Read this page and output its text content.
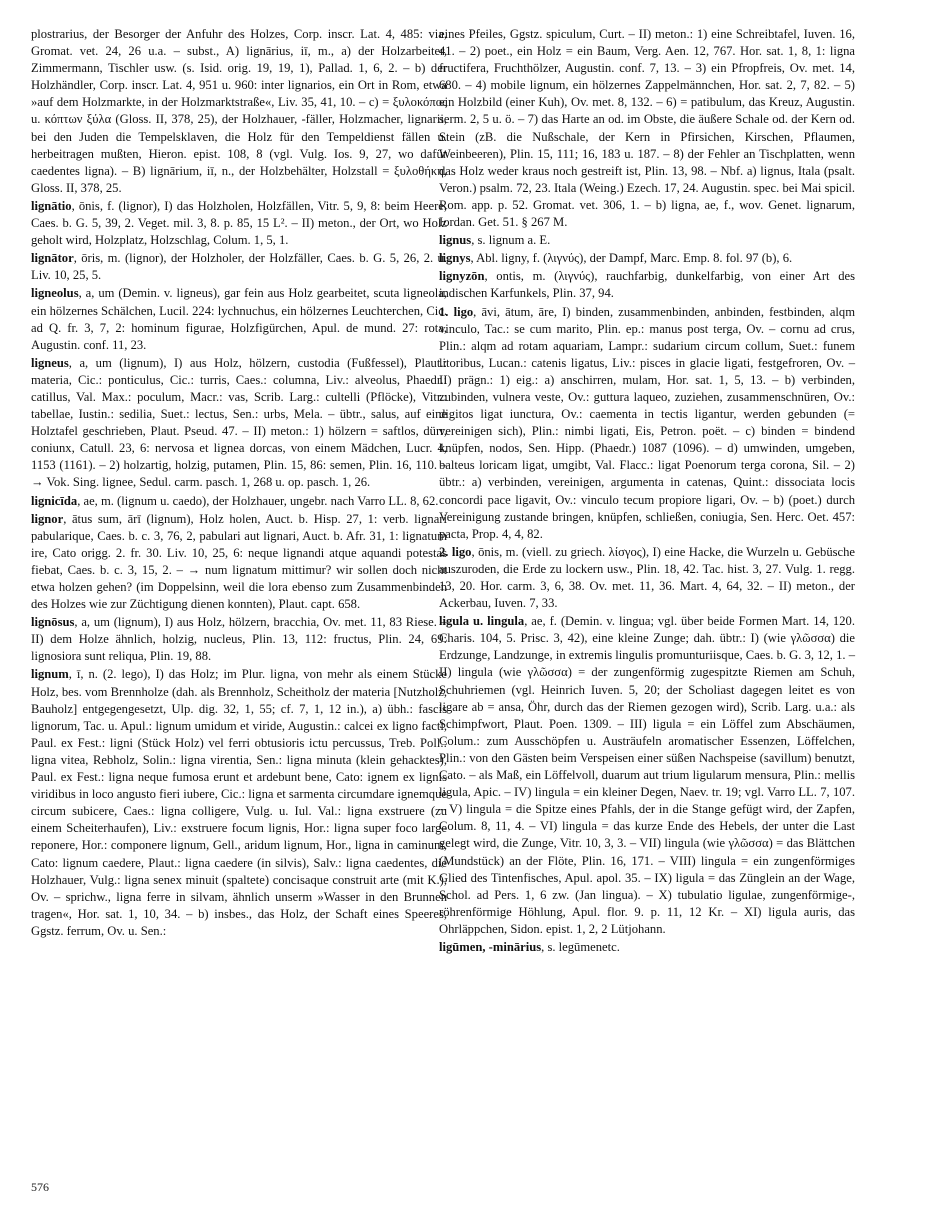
plostrarius, der Besorger der Anfuhr des Holzes, Corp. inscr. Lat. 4, 485: via, Gromat. vet. 24, 26 u.a. – subst., A) lignārius, iī, m., a) der Holzarbeiter, Zimmermann, Tischler usw. (s. Isid. orig. 19, 19, 1), Pallad. 1, 6, 2. – b) der Holzhändler, Corp. inscr. Lat. 4, 951 u. 960: inter lignarios, ein Ort in Rom, etwa »auf dem Holzmarkte, in der Holzmarktstraße«, Liv. 35, 41, 10. – c) = ξυλοκόπος u. κόπτων ξύλα (Gloss. II, 378, 25), der Holzhauer, -fäller, Holzmacher, lignarii, bei den Juden die Tempelsklaven, die Holz für den Tempeldienst fällen u. herbeitragen mußten, Hieron. epist. 108, 8 (vgl. Vulg. Ios. 9, 27, wo dafür caedentes ligna). – B) lignārium, iī, n., der Holzbehälter, Holzstall = ξυλοθήκη, Gloss. II, 378, 25.

lignātio, ōnis, f. (lignor), I) das Holzholen, Holzfällen, Vitr. 5, 9, 8: beim Heere, Caes. b. G. 5, 39, 2. Veget. mil. 3, 8. p. 85, 15 L². – II) meton., der Ort, wo Holz geholt wird, Holzplatz, Holzschlag, Colum. 1, 5, 1.

lignātor, ōris, m. (lignor), der Holzholer, der Holzfäller, Caes. b. G. 5, 26, 2. u. Liv. 10, 25, 5.

ligneolus, a, um (Demin. v. ligneus), gar fein aus Holz gearbeitet, scuta ligneola, ein hölzernes Schälchen, Lucil. 224: lychnuchus, ein hölzernes Leuchterchen, Cic. ad Q. fr. 3, 7, 2: hominum figurae, Holzfigürchen, Apul. de mund. 27: rota, Augustin. conf. 11, 23.

ligneus, a, um (lignum), I) aus Holz, hölzern, custodia (Fußfessel), Plaut.: materia, Cic.: ponticulus, Cic.: turris, Caes.: columna, Liv.: alveolus, Phaedr.: catillus, Val. Max.: poculum, Macr.: vas, Scrib. Larg.: cultelli (Pflöcke), Vitr.: tabellae, Iustin.: sedilia, Suet.: lectus, Sen.: urbs, Mela. – übtr., salus, auf eine Holztafel geschrieben, Plaut. Pseud. 47. – II) meton.: 1) hölzern = saftlos, dürr, coniunx, Catull. 23, 6: nervosa et lignea dorcas, von einem Mädchen, Lucr. 4, 1153 (1161). – 2) holzartig, holzig, putamen, Plin. 15, 86: semen, Plin. 16, 110. – → Vok. Sing. lignee, Sedul. carm. pasch. 1, 268 u. op. pasch. 1, 26.

lignicīda, ae, m. (lignum u. caedo), der Holzhauer, ungebr. nach Varro LL. 8, 62.

lignor, ātus sum, ārī (lignum), Holz holen, Auct. b. Hisp. 27, 1: verb. lignari pabularique, Caes. b. c. 3, 76, 2, pabulari aut lignari, Auct. b. Afr. 31, 1: lignatum ire, Cato origg. 2. fr. 30. Liv. 10, 25, 6: neque lignandi atque aquandi potestas fiebat, Caes. b. c. 3, 15, 2. – → num lignatum mittimur? wir sollen doch nicht etwa holzen gehen? (im Doppelsinn, weil die lora ebenso zum Zusammenbinden des Holzes wie zur Züchtigung dienen konnten), Plaut. capt. 658.

lignōsus, a, um (lignum), I) aus Holz, hölzern, bracchia, Ov. met. 11, 83 Riese. – II) dem Holze ähnlich, holzig, nucleus, Plin. 13, 112: fructus, Plin. 24, 69: lignosiora sunt reliqua, Plin. 19, 88.

lignum, ī, n. (2. lego), I) das Holz; im Plur. ligna, von mehr als einem Stücke Holz, bes. vom Brennholze (dah. als Brennholz, Scheitholz der materia [Nutzholz, Bauholz] entgegengesetzt, Ulp. dig. 32, 1, 55; cf. 7, 1, 12 in.), a) übh.: fascis lignorum, Tac. u. Apul.: lignum umidum et viride, Augustin.: calcei ex ligno facti, Paul. ex Fest.: ligni (Stück Holz) vel ferri obtusioris ictu percussus, Treb. Poll.: ligna vitea, Rebholz, Solin.: ligna virentia, Sen.: ligna minuta (klein gehacktes), Paul. ex Fest.: ligna neque fumosa erunt et ardebunt bene, Cato: ignem ex lignis viridibus in loco angusto fieri iubere, Cic.: ligna et sarmenta circumdare ignemque circum subicere, Caes.: ligna colligere, Vulg. u. Iul. Val.: ligna exstruere (zu einem Scheiterhaufen), Liv.: exstruere focum lignis, Hor.: ligna super foco large reponere, Hor.: componere lignum, Gell., aridum lignum, Hor., ligna in caminum, Cato: lignum caedere, Plaut.: ligna caedere (in silvis), Salv.: ligna caedentes, die Holzhauer, Vulg.: ligna senex minuit (spaltete) concisaque construit arte (mit K.), Ov. – sprichw., ligna ferre in silvam, ähnlich unserm »Wasser in den Brunnen tragen«, Hor. sat. 1, 10, 34. – b) insbes., das Holz, der Schaft eines Speeres, Ggstz. ferrum, Ov. u. Sen.:

eines Pfeiles, Ggstz. spiculum, Curt. – II) meton.: 1) eine Schreibtafel, Iuven. 16, 41. – 2) poet., ein Holz = ein Baum, Verg. Aen. 12, 767. Hor. sat. 1, 8, 1: ligna fructifera, Fruchthölzer, Augustin. conf. 7, 13. – 3) ein Pfropfreis, Ov. met. 14, 680. – 4) mobile lignum, ein hölzernes Zappelmännchen, Hor. sat. 2, 7, 82. – 5) ein Holzbild (einer Kuh), Ov. met. 8, 132. – 6) = patibulum, das Kreuz, Augustin. serm. 2, 5 u. ö. – 7) das Harte an od. im Obste, die äußere Schale od. der Kern od. Stein (zB. die Nußschale, der Kern in Pfirsichen, Kirschen, Pflaumen, Weinbeeren), Plin. 15, 111; 16, 183 u. 187. – 8) der Fehler an Tischplatten, wenn das Holz weder kraus noch gestreift ist, Plin. 13, 98. – Nbf. a) lignus, Itala (psalt. Veron.) psalm. 72, 23. Itala (Weing.) Ezech. 17, 24. Augustin. spec. bei Mai spicil. Rom. app. p. 52. Gromat. vet. 306, 1. – b) ligna, ae, f., wov. Genet. lignarum, Iordan. Get. 51. § 267 M.

lignus, s. lignum a. E.

lignys, Abl. ligny, f. (λιγνύς), der Dampf, Marc. Emp. 8. fol. 97 (b), 6.

lignyzōn, ontis, m. (λιγνύς), rauchfarbig, dunkelfarbig, von einer Art des indischen Karfunkels, Plin. 37, 94.

1. ligo, āvi, ātum, āre, I) binden, zusammenbinden, anbinden, festbinden, alqm vinculo, Tac.: se cum marito, Plin. ep.: manus post terga, Ov. – cornu ad crus, Plin.: alqm ad rotam aquariam, Lampr.: sudarium circum collum, Suet.: funem litoribus, Lucan.: catenis ligatus, Liv.: pisces in glacie ligati, festgefroren, Ov. – II) prägn.: 1) eig.: a) anschirren, mulam, Hor. sat. 1, 5, 13. – b) verbinden, zubinden, vulnera veste, Ov.: guttura laqueo, zuziehen, zusammenschnüren, Ov.: digitos ligat iunctura, Ov.: caementa in tectis ligantur, werden gebunden (= vereinigen sich), Plin.: nimbi ligati, Eis, Petron. poët. – c) binden = bindend knüpfen, nodos, Sen. Hipp. (Phaedr.) 1087 (1096). – d) umwinden, umgeben, balteus loricam ligat, umgibt, Val. Flacc.: ligat Poenorum terga corona, Sil. – 2) übtr.: a) verbinden, vereinigen, argumenta in catenas, Quint.: dissociata locis concordi pace ligavit, Ov.: vinculo tecum propiore ligari, Ov. – b) (poet.) durch Vereinigung zustande bringen, knüpfen, schließen, coniugia, Sen. Herc. Oet. 457: pacta, Prop. 4, 4, 82.

2. ligo, ōnis, m. (viell. zu griech. λίσγος), I) eine Hacke, die Wurzeln u. Gebüsche auszuroden, die Erde zu lockern usw., Plin. 18, 42. Tac. hist. 3, 27. Vulg. 1. regg. 13, 20. Hor. carm. 3, 6, 38. Ov. met. 11, 36. Mart. 4, 64, 32. – II) meton., der Ackerbau, Iuven. 7, 33.

ligula u. lingula, ae, f. (Demin. v. lingua; vgl. über beide Formen Mart. 14, 120. Charis. 104, 5. Prisc. 3, 42), eine kleine Zunge; dah. übtr.: I) (wie γλῶσσα) die Erdzunge, Landzunge, in extremis lingulis promunturiisque, Caes. b. G. 3, 12, 1. – II) lingula (wie γλῶσσα) = der zungenförmig zugespitzte Riemen am Schuh, Schuhriemen (vgl. Heinrich Iuven. 5, 20; der Scholiast dagegen leitet es von ligare ab = ansa, Öhr, durch das der Riemen gezogen wird), Scrib. Larg. u.a.: als Schimpfwort, Plaut. Poen. 1309. – III) ligula = ein Löffel zum Abschäumen, Colum.: zum Ausschöpfen u. Austräufeln aromatischer Essenzen, Löffelchen, Plin.: von den Gästen beim Verspeisen einer süßen Nachspeise (savillum) benutzt, Cato. – als Maß, ein Löffelvoll, duarum aut trium ligularum mensura, Plin.: mellis ligula, Apic. – IV) lingula = ein kleiner Degen, Naev. tr. 19; vgl. Varro LL. 7, 107. – V) lingula = die Spitze eines Pfahls, der in die Stange gefügt wird, der Zapfen, Colum. 8, 11, 4. – VI) lingula = das kurze Ende des Hebels, der unter die Last gelegt wird, die Zunge, Vitr. 10, 3, 3. – VII) lingula (wie γλῶσσα) = das Blättchen (Mundstück) an der Flöte, Plin. 16, 171. – VIII) lingula = ein zungenförmiges Glied des Tintenfisches, Apul. apol. 35. – IX) ligula = das Zünglein an der Wage, Schol. ad Pers. 1, 6 zw. (Jan lingua). – X) tubulatio ligulae, zungenförmige-, röhrenförmige Höhlung, Apul. flor. 9. p. 11, 12 Kr. – XI) ligula auris, das Ohrläppchen, Sidon. epist. 1, 2, 2 Lütjohann.

ligūmen, -minārius, s. legūmenetc.

576
